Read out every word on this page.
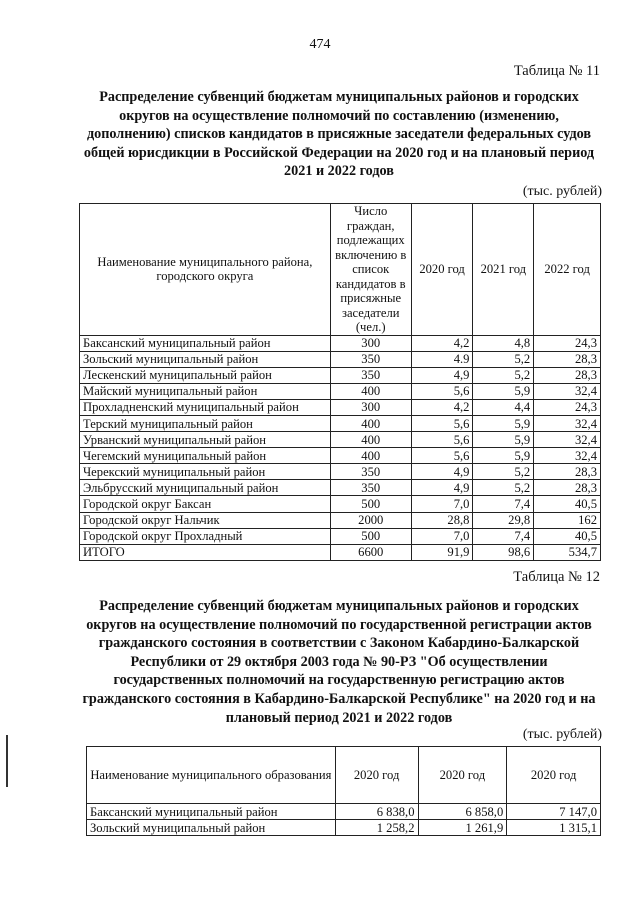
474
Таблица № 11

Распределение субвенций бюджетам муниципальных районов и городских округов на осуществление полномочий по составлению (изменению, дополнению) списков кандидатов в присяжные заседатели федеральных судов общей юрисдикции в Российской Федерации на 2020 год и на плановый период 2021 и 2022 годов

(тыс. рублей)
Наименование муниципального района, городского округа	Число граждан, подлежащих включению в список кандидатов в присяжные заседатели (чел.)	2020 год	2021 год	2022 год
Баксанский муниципальный район	300	4,2	4,8	24,3
Зольский муниципальный район	350	4.9	5,2	28,3
Лескенский муниципальный район	350	4,9	5,2	28,3
Майский муниципальный район	400	5,6	5,9	32,4
Прохладненский муниципальный район	300	4,2	4,4	24,3
Терский муниципальный район	400	5,6	5,9	32,4
Урванский муниципальный район	400	5,6	5,9	32,4
Чегемский муниципальный район	400	5,6	5,9	32,4
Черекский муниципальный район	350	4,9	5,2	28,3
Эльбрусский муниципальный район	350	4,9	5,2	28,3
Городской округ Баксан	500	7,0	7,4	40,5
Городской округ Нальчик	2000	28,8	29,8	162
Городской округ Прохладный	500	7,0	7,4	40,5
ИТОГО	6600	91,9	98,6	534,7
Таблица № 12

Распределение субвенций бюджетам муниципальных районов и городских округов на осуществление полномочий по государственной регистрации актов гражданского состояния в соответствии с Законом Кабардино-Балкарской Республики от 29 октября 2003 года № 90-РЗ "Об осуществлении государственных полномочий на государственную регистрацию актов гражданского состояния в Кабардино-Балкарской Республике" на 2020 год и на плановый период 2021 и 2022 годов

(тыс. рублей)
Наименование муниципального образования	2020 год	2020 год	2020 год
Баксанский муниципальный район	6 838,0	6 858,0	7 147,0
Зольский муниципальный район	1 258,2	1 261,9	1 315,1
